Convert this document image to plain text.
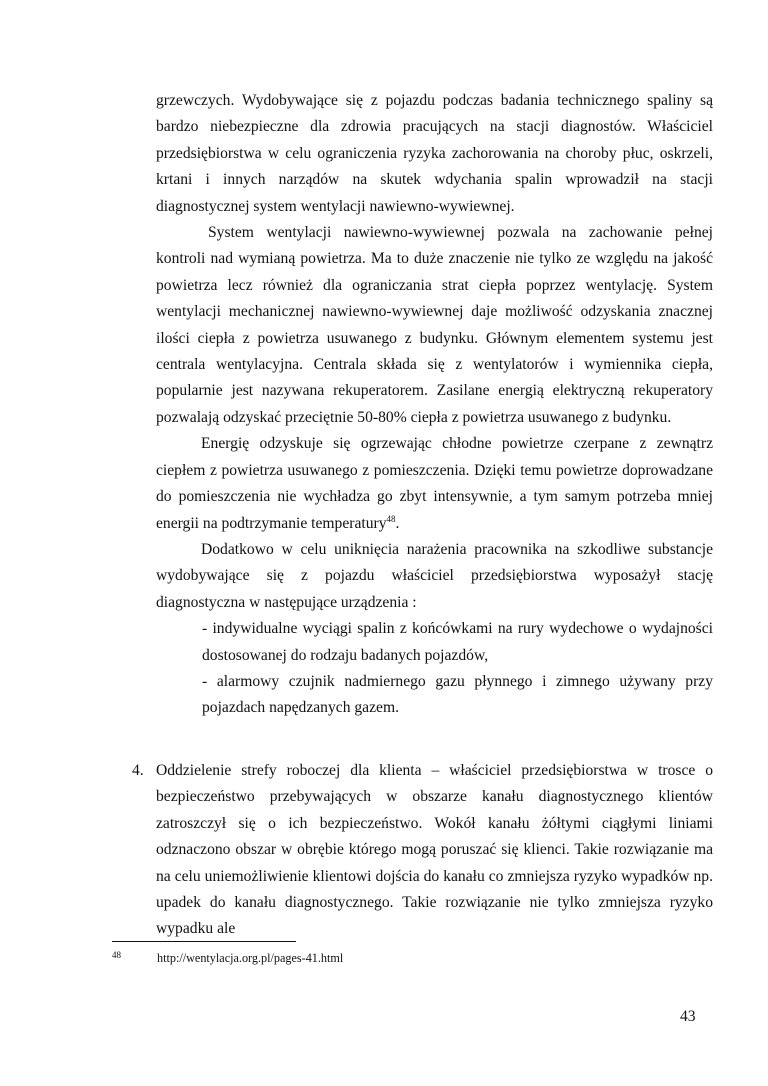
grzewczych. Wydobywające się z pojazdu podczas badania technicznego spaliny są bardzo niebezpieczne dla zdrowia pracujących na stacji diagnostów. Właściciel przedsiębiorstwa w celu ograniczenia ryzyka zachorowania na choroby płuc, oskrzeli, krtani i innych narządów na skutek wdychania spalin wprowadził na stacji diagnostycznej system wentylacji nawiewno-wywiewnej.

System wentylacji nawiewno-wywiewnej pozwala na zachowanie pełnej kontroli nad wymianą powietrza. Ma to duże znaczenie nie tylko ze względu na jakość powietrza lecz również dla ograniczania strat ciepła poprzez wentylację. System wentylacji mechanicznej nawiewno-wywiewnej daje możliwość odzyskania znacznej ilości ciepła z powietrza usuwanego z budynku. Głównym elementem systemu jest centrala wentylacyjna. Centrala składa się z wentylatorów i wymiennika ciepła, popularnie jest nazywana rekuperatorem. Zasilane energią elektryczną rekuperatory pozwalają odzyskać przeciętnie 50-80% ciepła z powietrza usuwanego z budynku.

Energię odzyskuje się ogrzewając chłodne powietrze czerpane z zewnątrz ciepłem z powietrza usuwanego z pomieszczenia. Dzięki temu powietrze doprowadzane do pomieszczenia nie wychładza go zbyt intensywnie, a tym samym potrzeba mniej energii na podtrzymanie temperatury$^{48}$.

Dodatkowo w celu uniknięcia narażenia pracownika na szkodliwe substancje wydobywające się z pojazdu właściciel przedsiębiorstwa wyposażył stację diagnostyczna w następujące urządzenia :

- indywidualne wyciągi spalin z końcówkami na rury wydechowe o wydajności dostosowanej do rodzaju badanych pojazdów,

- alarmowy czujnik nadmiernego gazu płynnego i zimnego używany przy pojazdach napędzanych gazem.

4. Oddzielenie strefy roboczej dla klienta – właściciel przedsiębiorstwa w trosce o bezpieczeństwo przebywających w obszarze kanału diagnostycznego klientów zatroszczył się o ich bezpieczeństwo. Wokół kanału żółtymi ciągłymi liniami odznaczono obszar w obrębie którego mogą poruszać się klienci. Takie rozwiązanie ma na celu uniemożliwienie klientowi dojścia do kanału co zmniejsza ryzyko wypadków np. upadek do kanału diagnostycznego. Takie rozwiązanie nie tylko zmniejsza ryzyko wypadku ale
48	http://wentylacja.org.pl/pages-41.html
43
